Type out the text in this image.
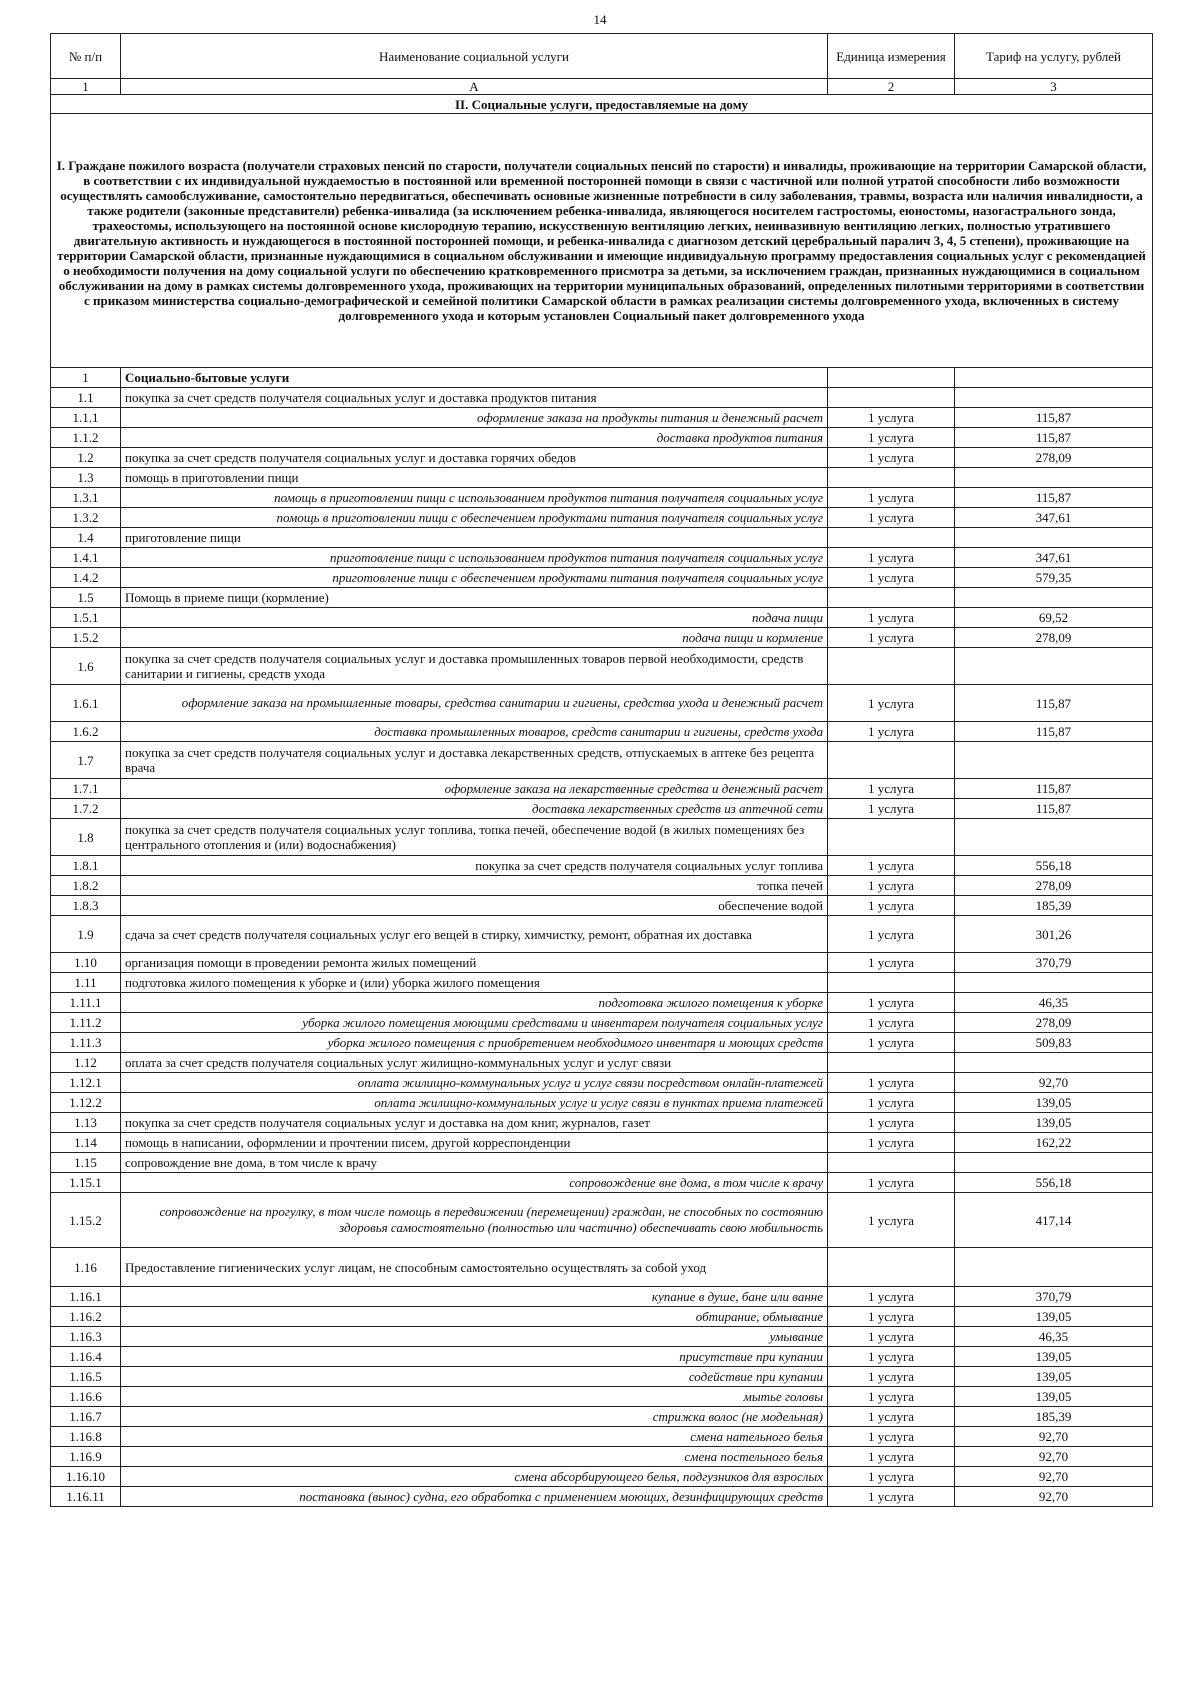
14
№ п/п	Наименование социальной услуги	Единица измерения	Тариф на услугу, рублей
1	А	2	3
II. Социальные услуги, предоставляемые на дому			
I. Граждане пожилого возраста (получатели страховых пенсий по старости, получатели социальных пенсий по старости) и инвалиды, проживающие на территории Самарской области, в соответствии с их индивидуальной нуждаемостью в постоянной или временной посторонней помощи в связи с частичной или полной утратой способности либо возможности осуществлять самообслуживание, самостоятельно передвигаться, обеспечивать основные жизненные потребности в силу заболевания, травмы, возраста или наличия инвалидности, а также родители (законные представители) ребенка-инвалида (за исключением ребенка-инвалида, являющегося носителем гастростомы, еюностомы, назогастрального зонда, трахеостомы, использующего на постоянной основе кислородную терапию, искусственную вентиляцию легких, неинвазивную вентиляцию легких, полностью утратившего двигательную активность и нуждающегося в постоянной посторонней помощи, и ребенка-инвалида с диагнозом детский церебральный паралич 3, 4, 5 степени), проживающие на территории Самарской области, признанные нуждающимися в социальном обслуживании и имеющие индивидуальную программу предоставления социальных услуг с рекомендацией о необходимости получения на дому социальной услуги по обеспечению кратковременного присмотра за детьми, за исключением граждан, признанных нуждающимися в социальном обслуживании на дому в рамках системы долговременного ухода, проживающих на территории муниципальных образований, определенных пилотными территориями в соответствии с приказом министерства социально-демографической и семейной политики Самарской области в рамках реализации системы долговременного ухода, включенных в систему долговременного ухода и которым установлен Социальный пакет долговременного ухода			
1	Социально-бытовые услуги		
1.1	покупка за счет средств получателя социальных услуг и доставка продуктов питания		
1.1.1	оформление заказа на продукты питания и денежный расчет	1 услуга	115,87
1.1.2	доставка продуктов питания	1 услуга	115,87
1.2	покупка за счет средств получателя социальных услуг и доставка горячих обедов	1 услуга	278,09
1.3	помощь в приготовлении пищи		
1.3.1	помощь в приготовлении пищи с использованием продуктов питания получателя социальных услуг	1 услуга	115,87
1.3.2	помощь в приготовлении пищи с обеспечением продуктами питания получателя социальных услуг	1 услуга	347,61
1.4	приготовление пищи		
1.4.1	приготовление пищи с использованием продуктов питания получателя социальных услуг	1 услуга	347,61
1.4.2	приготовление пищи с обеспечением продуктами питания получателя социальных услуг	1 услуга	579,35
1.5	Помощь в приеме пищи (кормление)		
1.5.1	подача пищи	1 услуга	69,52
1.5.2	подача пищи и кормление	1 услуга	278,09
1.6	покупка за счет средств получателя социальных услуг и доставка промышленных товаров первой необходимости, средств санитарии и гигиены, средств ухода		
1.6.1	оформление заказа на промышленные товары, средства санитарии и гигиены, средства ухода и денежный расчет	1 услуга	115,87
1.6.2	доставка промышленных товаров, средств санитарии и гигиены, средств ухода	1 услуга	115,87
1.7	покупка за счет средств получателя социальных услуг и доставка лекарственных средств, отпускаемых в аптеке без рецепта врача		
1.7.1	оформление заказа на лекарственные средства и денежный расчет	1 услуга	115,87
1.7.2	доставка лекарственных средств из аптечной сети	1 услуга	115,87
1.8	покупка за счет средств получателя социальных услуг топлива, топка печей, обеспечение водой (в жилых помещениях без центрального отопления и (или) водоснабжения)		
1.8.1	покупка за счет средств получателя социальных услуг топлива	1 услуга	556,18
1.8.2	топка печей	1 услуга	278,09
1.8.3	обеспечение водой	1 услуга	185,39
1.9	сдача за счет средств получателя социальных услуг его вещей в стирку, химчистку, ремонт, обратная их доставка	1 услуга	301,26
1.10	организация помощи в проведении ремонта жилых помещений	1 услуга	370,79
1.11	подготовка жилого помещения к уборке и (или) уборка жилого помещения		
1.11.1	подготовка жилого помещения к уборке	1 услуга	46,35
1.11.2	уборка жилого помещения моющими средствами и инвентарем получателя социальных услуг	1 услуга	278,09
1.11.3	уборка жилого помещения с приобретением необходимого инвентаря и моющих средств	1 услуга	509,83
1.12	оплата за счет средств получателя социальных услуг жилищно-коммунальных услуг и услуг связи		
1.12.1	оплата жилищно-коммунальных услуг и услуг связи посредством онлайн-платежей	1 услуга	92,70
1.12.2	оплата жилищно-коммунальных услуг и услуг связи в пунктах приема платежей	1 услуга	139,05
1.13	покупка за счет средств получателя социальных услуг и доставка на дом книг, журналов, газет	1 услуга	139,05
1.14	помощь в написании, оформлении и прочтении писем, другой корреспонденции	1 услуга	162,22
1.15	сопровождение вне дома, в том числе к врачу		
1.15.1	сопровождение вне дома, в том числе к врачу	1 услуга	556,18
1.15.2	сопровождение на прогулку, в том числе помощь в передвижении (перемещении) граждан, не способных по состоянию здоровья самостоятельно (полностью или частично) обеспечивать свою мобильность	1 услуга	417,14
1.16	Предоставление гигиенических услуг лицам, не способным самостоятельно осуществлять за собой уход		
1.16.1	купание в душе, бане или ванне	1 услуга	370,79
1.16.2	обтирание, обмывание	1 услуга	139,05
1.16.3	умывание	1 услуга	46,35
1.16.4	присутствие при купании	1 услуга	139,05
1.16.5	содействие при купании	1 услуга	139,05
1.16.6	мытье головы	1 услуга	139,05
1.16.7	стрижка волос (не модельная)	1 услуга	185,39
1.16.8	смена нательного белья	1 услуга	92,70
1.16.9	смена постельного белья	1 услуга	92,70
1.16.10	смена абсорбирующего белья, подгузников для взрослых	1 услуга	92,70
1.16.11	постановка (вынос) судна, его обработка с применением моющих, дезинфицирующих средств	1 услуга	92,70
